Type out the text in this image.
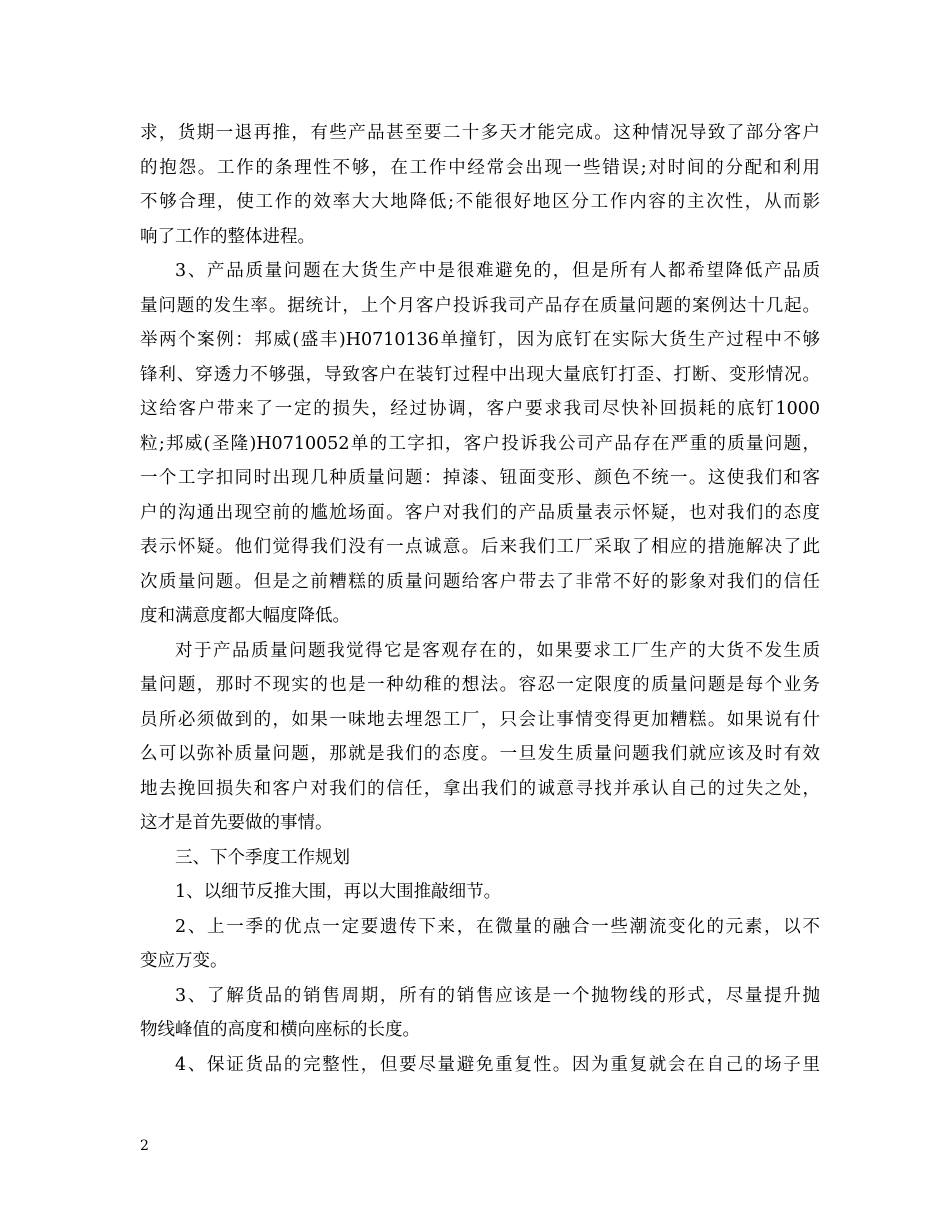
求，货期一退再推，有些产品甚至要二十多天才能完成。这种情况导致了部分客户
的抱怨。工作的条理性不够，在工作中经常会出现一些错误;对时间的分配和利用
不够合理，使工作的效率大大地降低;不能很好地区分工作内容的主次性，从而影
响了工作的整体进程。
3、产品质量问题在大货生产中是很难避免的，但是所有人都希望降低产品质
量问题的发生率。据统计，上个月客户投诉我司产品存在质量问题的案例达十几起。
举两个案例：邦威(盛丰)H0710136单撞钉，因为底钉在实际大货生产过程中不够
锋利、穿透力不够强，导致客户在装钉过程中出现大量底钉打歪、打断、变形情况。
这给客户带来了一定的损失，经过协调，客户要求我司尽快补回损耗的底钉1000
粒;邦威(圣隆)H0710052单的工字扣，客户投诉我公司产品存在严重的质量问题，
一个工字扣同时出现几种质量问题：掉漆、钮面变形、颜色不统一。这使我们和客
户的沟通出现空前的尴尬场面。客户对我们的产品质量表示怀疑，也对我们的态度
表示怀疑。他们觉得我们没有一点诚意。后来我们工厂采取了相应的措施解决了此
次质量问题。但是之前糟糕的质量问题给客户带去了非常不好的影象对我们的信任
度和满意度都大幅度降低。
对于产品质量问题我觉得它是客观存在的，如果要求工厂生产的大货不发生质
量问题，那时不现实的也是一种幼稚的想法。容忍一定限度的质量问题是每个业务
员所必须做到的，如果一味地去埋怨工厂，只会让事情变得更加糟糕。如果说有什
么可以弥补质量问题，那就是我们的态度。一旦发生质量问题我们就应该及时有效
地去挽回损失和客户对我们的信任，拿出我们的诚意寻找并承认自己的过失之处，
这才是首先要做的事情。
三、下个季度工作规划
1、以细节反推大围，再以大围推敲细节。
2、上一季的优点一定要遗传下来，在微量的融合一些潮流变化的元素，以不
变应万变。
3、了解货品的销售周期，所有的销售应该是一个抛物线的形式，尽量提升抛
物线峰值的高度和横向座标的长度。
4、保证货品的完整性，但要尽量避免重复性。因为重复就会在自己的场子里
2
